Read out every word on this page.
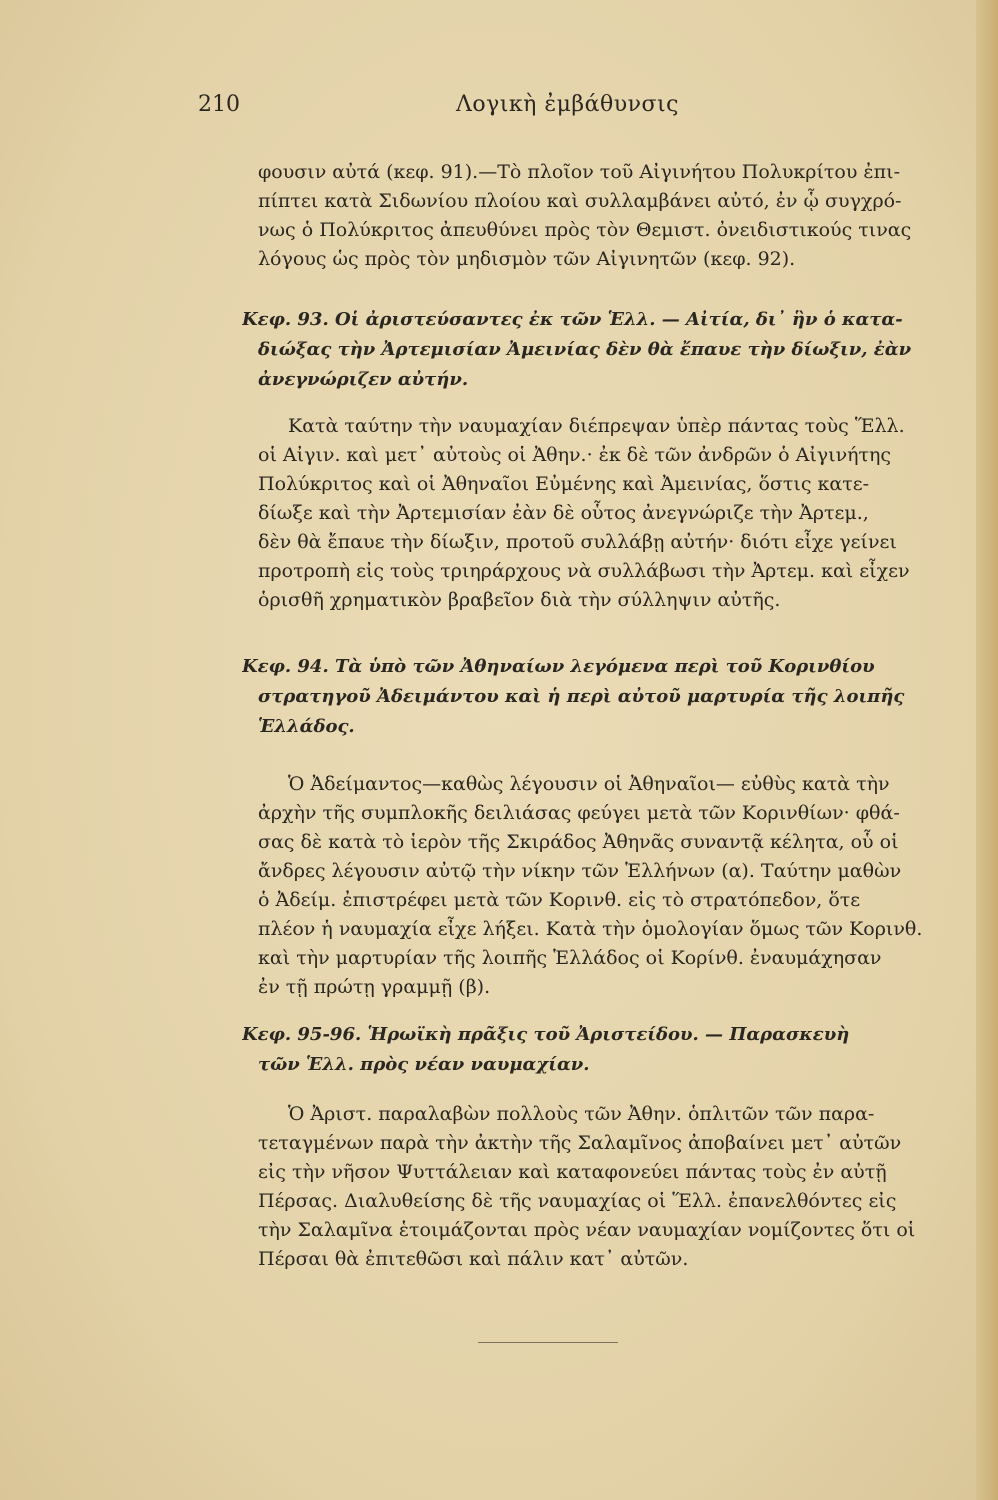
210	Λογικὴ ἐμβάθυνσις
φουσιν αὐτά (κεφ. 91).—Τὸ πλοῖον τοῦ Αἰγινήτου Πολυκρίτου ἐπι-
πίπτει κατὰ Σιδωνίου πλοίου καὶ συλλαμβάνει αὐτό, ἐν ᾧ συγχρό-
νως ὁ Πολύκριτος ἀπευθύνει πρὸς τὸν Θεμιστ. ὀνειδιστικούς τινας
λόγους ὡς πρὸς τὸν μηδισμὸν τῶν Αἰγινητῶν (κεφ. 92).
Κεφ. 93. Οἱ ἀριστεύσαντες ἐκ τῶν Ἑλλ. — Αἰτία, δι᾽ ἣν ὁ κατα-
διώξας τὴν Ἀρτεμισίαν Ἀμεινίας δὲν θὰ ἔπαυε τὴν δίωξιν, ἐὰν
ἀνεγνώριζεν αὐτήν.
Κατὰ ταύτην τὴν ναυμαχίαν διέπρεψαν ὑπὲρ πάντας τοὺς Ἕλλ.
οἱ Αἰγιν. καὶ μετ᾽ αὐτοὺς οἱ Ἀθην.· ἐκ δὲ τῶν ἀνδρῶν ὁ Αἰγινήτης
Πολύκριτος καὶ οἱ Ἀθηναῖοι Εὐμένης καὶ Ἀμεινίας, ὅστις κατε-
δίωξε καὶ τὴν Ἀρτεμισίαν ἐὰν δὲ οὗτος ἀνεγνώριζε τὴν Ἀρτεμ.,
δὲν θὰ ἔπαυε τὴν δίωξιν, προτοῦ συλλάβῃ αὐτήν· διότι εἶχε γείνει
προτροπὴ εἰς τοὺς τριηράρχους νὰ συλλάβωσι τὴν Ἀρτεμ. καὶ εἶχεν
ὁρισθῆ χρηματικὸν βραβεῖον διὰ τὴν σύλληψιν αὐτῆς.
Κεφ. 94. Τὰ ὑπὸ τῶν Ἀθηναίων λεγόμενα περὶ τοῦ Κορινθίου
στρατηγοῦ Ἀδειμάντου καὶ ἡ περὶ αὐτοῦ μαρτυρία τῆς λοιπῆς
Ἑλλάδος.
Ὁ Ἀδείμαντος—καθὼς λέγουσιν οἱ Ἀθηναῖοι— εὐθὺς κατὰ τὴν
ἀρχὴν τῆς συμπλοκῆς δειλιάσας φεύγει μετὰ τῶν Κορινθίων· φθά-
σας δὲ κατὰ τὸ ἱερὸν τῆς Σκιράδος Ἀθηνᾶς συναντᾷ κέλητα, οὗ οἱ
ἄνδρες λέγουσιν αὐτῷ τὴν νίκην τῶν Ἑλλήνων (α). Ταύτην μαθὼν
ὁ Ἀδείμ. ἐπιστρέφει μετὰ τῶν Κορινθ. εἰς τὸ στρατόπεδον, ὅτε
πλέον ἡ ναυμαχία εἶχε λήξει. Κατὰ τὴν ὁμολογίαν ὅμως τῶν Κορινθ.
καὶ τὴν μαρτυρίαν τῆς λοιπῆς Ἑλλάδος οἱ Κορίνθ. ἐναυμάχησαν
ἐν τῇ πρώτῃ γραμμῇ (β).
Κεφ. 95-96. Ἡρωϊκὴ πρᾶξις τοῦ Ἀριστείδου. — Παρασκευὴ
τῶν Ἑλλ. πρὸς νέαν ναυμαχίαν.
Ὁ Ἀριστ. παραλαβὼν πολλοὺς τῶν Ἀθην. ὁπλιτῶν τῶν παρα-
τεταγμένων παρὰ τὴν ἀκτὴν τῆς Σαλαμῖνος ἀποβαίνει μετ᾽ αὐτῶν
εἰς τὴν νῆσον Ψυττάλειαν καὶ καταφονεύει πάντας τοὺς ἐν αὐτῇ
Πέρσας. Διαλυθείσης δὲ τῆς ναυμαχίας οἱ Ἕλλ. ἐπανελθόντες εἰς
τὴν Σαλαμῖνα ἑτοιμάζονται πρὸς νέαν ναυμαχίαν νομίζοντες ὅτι οἱ
Πέρσαι θὰ ἐπιτεθῶσι καὶ πάλιν κατ᾽ αὐτῶν.
